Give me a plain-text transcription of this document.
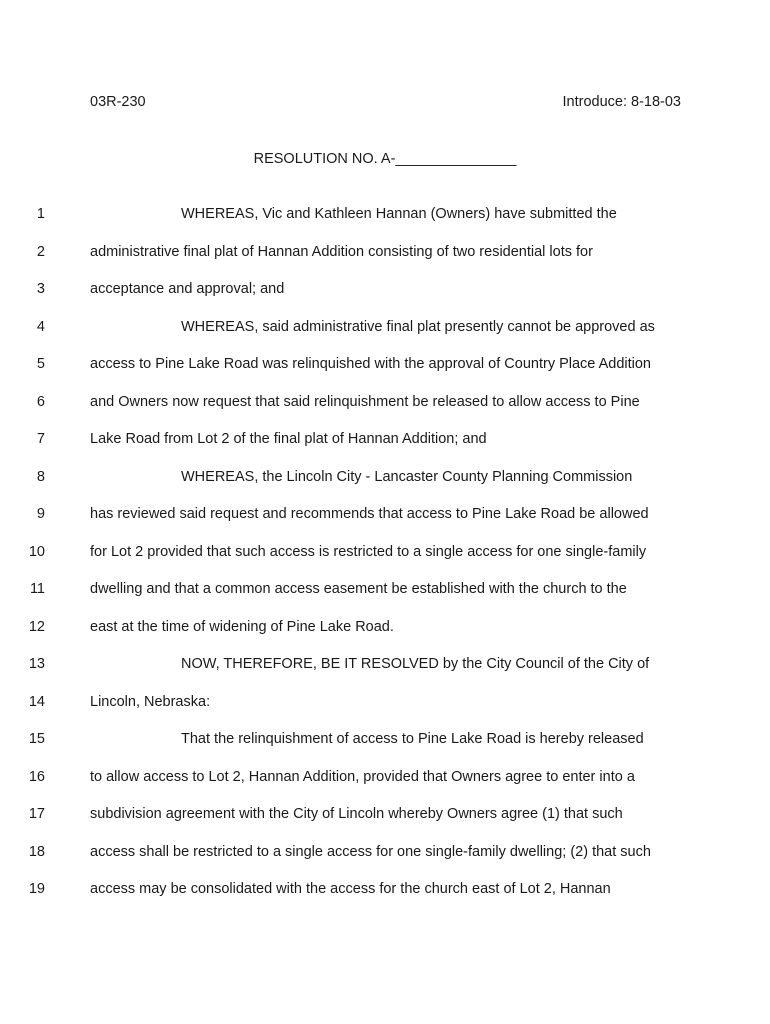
03R-230	Introduce: 8-18-03
RESOLUTION NO. A-_______________
1	WHEREAS, Vic and Kathleen Hannan (Owners) have submitted the
2	administrative final plat of Hannan Addition consisting of two residential lots for
3	acceptance and approval; and
4	WHEREAS, said administrative final plat presently cannot be approved as
5	access to Pine Lake Road was relinquished with the approval of Country Place Addition
6	and Owners now request that said relinquishment be released to allow access to Pine
7	Lake Road from Lot 2 of the final plat of Hannan Addition; and
8	WHEREAS, the Lincoln City - Lancaster County Planning Commission
9	has reviewed said request and recommends that access to Pine Lake Road be allowed
10	for Lot 2 provided that such access is restricted to a single access for one single-family
11	dwelling and that a common access easement be established with the church to the
12	east at the time of widening of Pine Lake Road.
13	NOW, THEREFORE, BE IT RESOLVED by the City Council of the City of
14	Lincoln, Nebraska:
15	That the relinquishment of access to Pine Lake Road is hereby released
16	to allow access to Lot 2, Hannan Addition, provided that Owners agree to enter into a
17	subdivision agreement with the City of Lincoln whereby Owners agree (1) that such
18	access shall be restricted to a single access for one single-family dwelling; (2) that such
19	access may be consolidated with the access for the church east of Lot 2, Hannan
